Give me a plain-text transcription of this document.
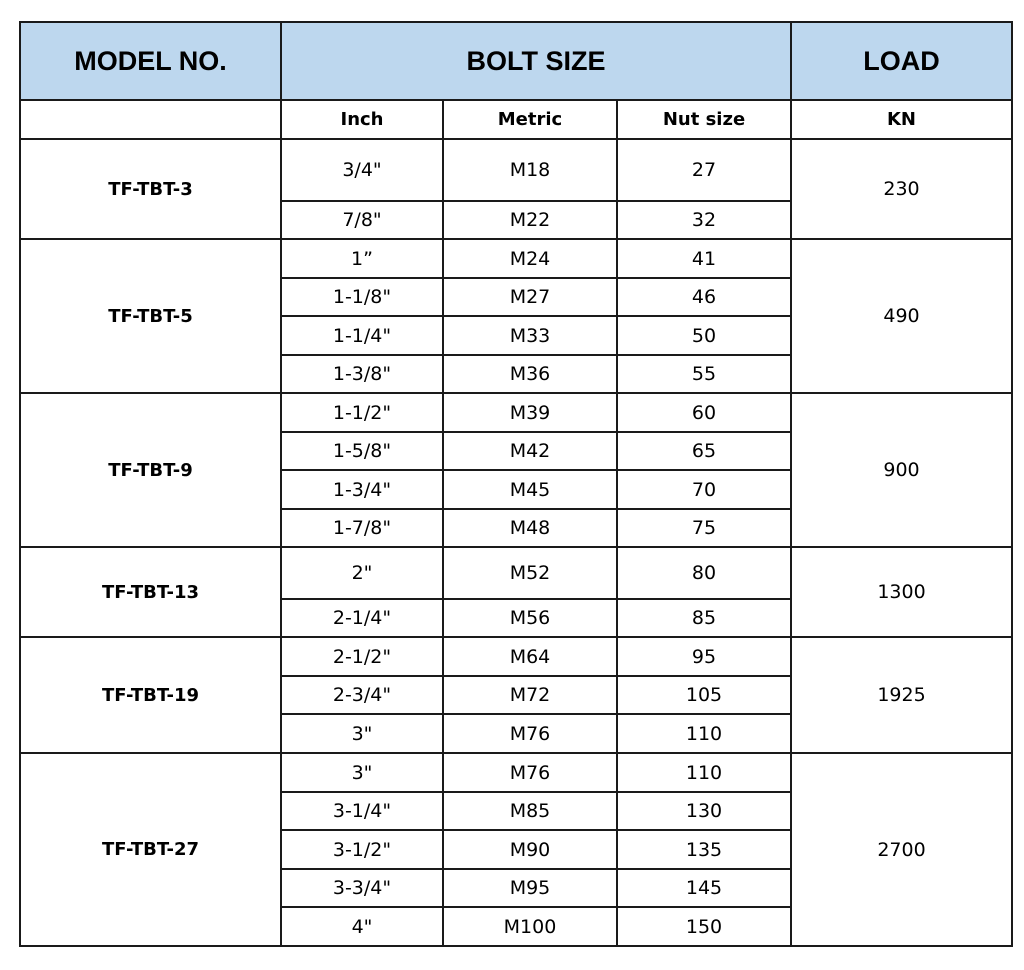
MODEL NO.	BOLT SIZE			LOAD
	Inch	Metric	Nut size	KN
TF-TBT-3	3/4"	M18	27	230
	7/8"	M22	32	
TF-TBT-5	1”	M24	41	490
	1-1/8"	M27	46	
	1-1/4"	M33	50	
	1-3/8"	M36	55	
TF-TBT-9	1-1/2"	M39	60	900
	1-5/8"	M42	65	
	1-3/4"	M45	70	
	1-7/8"	M48	75	
TF-TBT-13	2"	M52	80	1300
	2-1/4"	M56	85	
TF-TBT-19	2-1/2"	M64	95	1925
	2-3/4"	M72	105	
	3"	M76	110	
TF-TBT-27	3"	M76	110	2700
	3-1/4"	M85	130	
	3-1/2"	M90	135	
	3-3/4"	M95	145	
	4"	M100	150	
